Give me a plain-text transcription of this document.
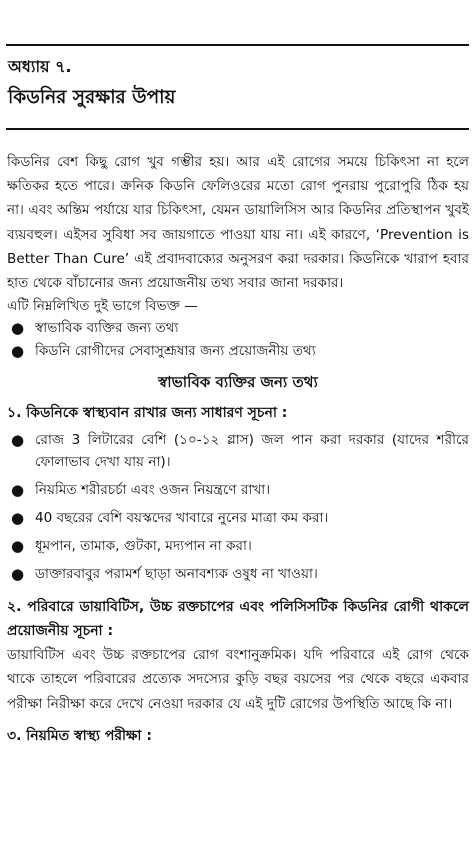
অধ্যায় ৭.
কিডনির সুরক্ষার উপায়

কিডনির বেশ কিছু রোগ খুব গম্ভীর হয়। আর এই রোগের সময়ে চিকিৎসা না হলে ক্ষতিকর হতে পারে। ক্রনিক কিডনি ফেলিওরের মতো রোগ পুনরায় পুরোপুরি ঠিক হয় না। এবং অন্তিম পর্যায়ে যার চিকিৎসা, যেমন ডায়ালিসিস আর কিডনির প্রতিস্থাপন খুবই ব্যয়বহুল। এইসব সুবিধা সব জায়গাতে পাওয়া যায় না। এই কারণে, ‘Prevention is Better Than Cure’ এই প্রবাদবাক্যের অনুসরণ করা দরকার। কিডনিকে খারাপ হবার হাত থেকে বাঁচানোর জন্য প্রয়োজনীয় তথ্য সবার জানা দরকার।

এটি নিম্নলিখিত দুই ভাগে বিভক্ত —

● স্বাভাবিক ব্যক্তির জন্য তথ্য
● কিডনি রোগীদের সেবাসুশ্রূষার জন্য প্রয়োজনীয় তথ্য
স্বাভাবিক ব্যক্তির জন্য তথ্য

১. কিডনিকে স্বাস্থ্যবান রাখার জন্য সাধারণ সূচনা :

● রোজ 3 লিটারের বেশি (১০-১২ গ্লাস) জল পান করা দরকার (যাদের শরীরে ফোলাভাব দেখা যায় না)।
● নিয়মিত শরীরচর্চা এবং ওজন নিয়ন্ত্রণে রাখা।
● 40 বছরের বেশি বয়স্কদের খাবারে নুনের মাত্রা কম করা।
● ধূমপান, তামাক, গুটকা, মদ্যপান না করা।
● ডাক্তারবাবুর পরামর্শ ছাড়া অনাবশ্যক ওষুধ না খাওয়া।

২. পরিবারে ডায়াবিটিস, উচ্চ রক্তচাপের এবং পলিসিসটিক কিডনির রোগী থাকলে প্রয়োজনীয় সূচনা :

ডায়াবিটিস এবং উচ্চ রক্তচাপের রোগ বংশানুক্রমিক। যদি পরিবারে এই রোগ থেকে থাকে তাহলে পরিবারের প্রত্যেক সদস্যের কুড়ি বছর বয়সের পর থেকে বছরে একবার পরীক্ষা নিরীক্ষা করে দেখে নেওয়া দরকার যে এই দুটি রোগের উপস্থিতি আছে কি না।

৩. নিয়মিত স্বাস্থ্য পরীক্ষা :
